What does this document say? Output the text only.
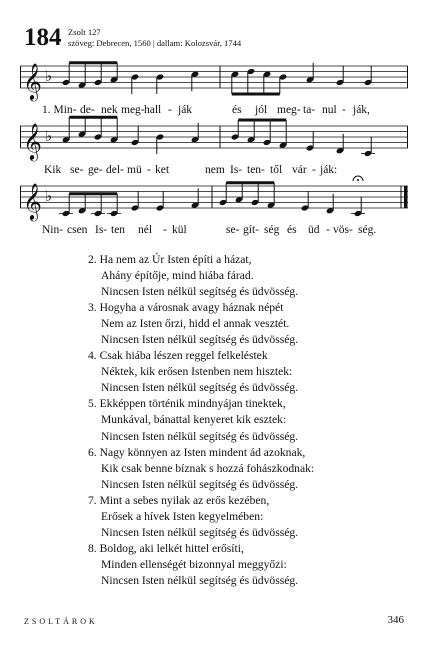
184 Zsolt 127
szöveg: Debrecen, 1560 | dallam: Kolozsvár, 1744
1. Min- de- nek meg- hall - ják	és jól meg- ta- nul - ják,
𝄞 ♭
Kik se- ge- del- mü - ket	nem Is- ten- től vár - ják:
𝄞 ♭
Nin- csen Is- ten nél - kül	se- gít- ség és üd - vös- ség.
𝄞 ♭
2. Ha nem az Úr Isten építi a házat,
Ahány építője, mind hiába fárad.
Nincsen Isten nélkül segítség és üdvösség.
3. Hogyha a városnak avagy háznak népét
Nem az Isten őrzi, hidd el annak vesztét.
Nincsen Isten nélkül segítség és üdvösség.
4. Csak hiába lészen reggel felkeléstek
Néktek, kik erősen Istenben nem hisztek:
Nincsen Isten nélkül segítség és üdvösség.
5. Ekképpen történik mindnyájan tinektek,
Munkával, bánattal kenyeret kik esztek:
Nincsen Isten nélkül segítség és üdvösség.
6. Nagy könnyen az Isten mindent ád azoknak,
Kik csak benne bíznak s hozzá fohászkodnak:
Nincsen Isten nélkül segítség és üdvösség.
7. Mint a sebes nyilak az erős kezében,
Erősek a hívek Isten kegyelmében:
Nincsen Isten nélkül segítség és üdvösség.
8. Boldog, aki lelkét hittel erősíti,
Minden ellenségét bizonnyal meggyőzi:
Nincsen Isten nélkül segítség és üdvösség.
ZSOLTÁROK	346
